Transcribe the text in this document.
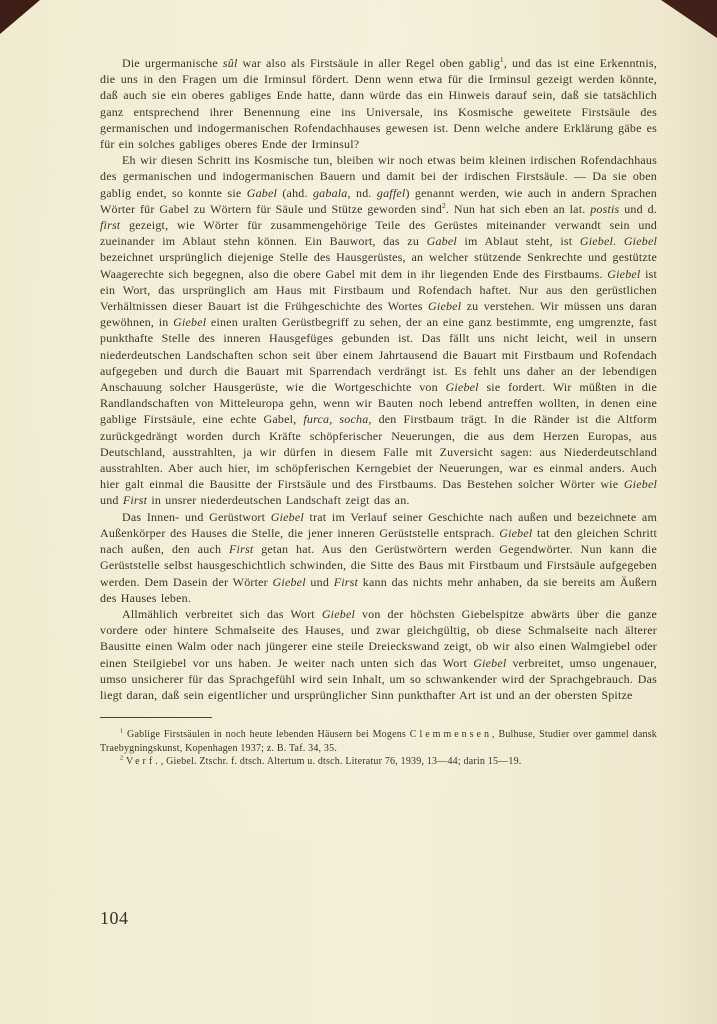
Die urgermanische sûl war also als Firstsäule in aller Regel oben gablig$^1$, und das ist eine Erkenntnis, die uns in den Fragen um die Irminsul fördert. Denn wenn etwa für die Irminsul gezeigt werden könnte, daß auch sie ein oberes gabliges Ende hatte, dann würde das ein Hinweis darauf sein, daß sie tatsächlich ganz entsprechend ihrer Benennung eine ins Universale, ins Kosmische geweitete Firstsäule des germanischen und indogermanischen Rofendachhauses gewesen ist. Denn welche andere Erklärung gäbe es für ein solches gabliges oberes Ende der Irminsul?

Eh wir diesen Schritt ins Kosmische tun, bleiben wir noch etwas beim kleinen irdischen Rofendachhaus des germanischen und indogermanischen Bauern und damit bei der irdischen Firstsäule. — Da sie oben gablig endet, so konnte sie Gabel (ahd. gabala, nd. gaffel) genannt werden, wie auch in andern Sprachen Wörter für Gabel zu Wörtern für Säule und Stütze geworden sind$^2$. Nun hat sich eben an lat. postis und d. first gezeigt, wie Wörter für zusammengehörige Teile des Gerüstes miteinander verwandt sein und zueinander im Ablaut stehn können. Ein Bauwort, das zu Gabel im Ablaut steht, ist Giebel. Giebel bezeichnet ursprünglich diejenige Stelle des Hausgerüstes, an welcher stützende Senkrechte und gestützte Waagerechte sich begegnen, also die obere Gabel mit dem in ihr liegenden Ende des Firstbaums. Giebel ist ein Wort, das ursprünglich am Haus mit Firstbaum und Rofendach haftet. Nur aus den gerüstlichen Verhältnissen dieser Bauart ist die Frühgeschichte des Wortes Giebel zu verstehen. Wir müssen uns daran gewöhnen, in Giebel einen uralten Gerüstbegriff zu sehen, der an eine ganz bestimmte, eng umgrenzte, fast punkthafte Stelle des inneren Hausgefüges gebunden ist. Das fällt uns nicht leicht, weil in unsern niederdeutschen Landschaften schon seit über einem Jahrtausend die Bauart mit Firstbaum und Rofendach aufgegeben und durch die Bauart mit Sparrendach verdrängt ist. Es fehlt uns daher an der lebendigen Anschauung solcher Hausgerüste, wie die Wortgeschichte von Giebel sie fordert. Wir müßten in die Randlandschaften von Mitteleuropa gehn, wenn wir Bauten noch lebend antreffen wollten, in denen eine gablige Firstsäule, eine echte Gabel, furca, socha, den Firstbaum trägt. In die Ränder ist die Altform zurückgedrängt worden durch Kräfte schöpferischer Neuerungen, die aus dem Herzen Europas, aus Deutschland, ausstrahlten, ja wir dürfen in diesem Falle mit Zuversicht sagen: aus Niederdeutschland ausstrahlten. Aber auch hier, im schöpferischen Kerngebiet der Neuerungen, war es einmal anders. Auch hier galt einmal die Bausitte der Firstsäule und des Firstbaums. Das Bestehen solcher Wörter wie Giebel und First in unsrer niederdeutschen Landschaft zeigt das an.

Das Innen- und Gerüstwort Giebel trat im Verlauf seiner Geschichte nach außen und bezeichnete am Außenkörper des Hauses die Stelle, die jener inneren Gerüststelle entsprach. Giebel tat den gleichen Schritt nach außen, den auch First getan hat. Aus den Gerüstwörtern werden Gegendwörter. Nun kann die Gerüststelle selbst hausgeschichtlich schwinden, die Sitte des Baus mit Firstbaum und Firstsäule aufgegeben werden. Dem Dasein der Wörter Giebel und First kann das nichts mehr anhaben, da sie bereits am Äußern des Hauses leben.

Allmählich verbreitet sich das Wort Giebel von der höchsten Giebelspitze abwärts über die ganze vordere oder hintere Schmalseite des Hauses, und zwar gleichgültig, ob diese Schmalseite nach älterer Bausitte einen Walm oder nach jüngerer eine steile Dreieckswand zeigt, ob wir also einen Walmgiebel oder einen Steilgiebel vor uns haben. Je weiter nach unten sich das Wort Giebel verbreitet, umso ungenauer, umso unsicherer für das Sprachgefühl wird sein Inhalt, um so schwankender wird der Sprachgebrauch. Das liegt daran, daß sein eigentlicher und ursprünglicher Sinn punkthafter Art ist und an der obersten Spitze

$^1$ Gablige Firstsäulen in noch heute lebenden Häusern bei Mogens Clemmensen, Bulhuse, Studier over gammel dansk Traebygningskunst, Kopenhagen 1937; z. B. Taf. 34, 35.

$^2$ Verf., Giebel. Ztschr. f. dtsch. Altertum u. dtsch. Literatur 76, 1939, 13—44; darin 15—19.

104
